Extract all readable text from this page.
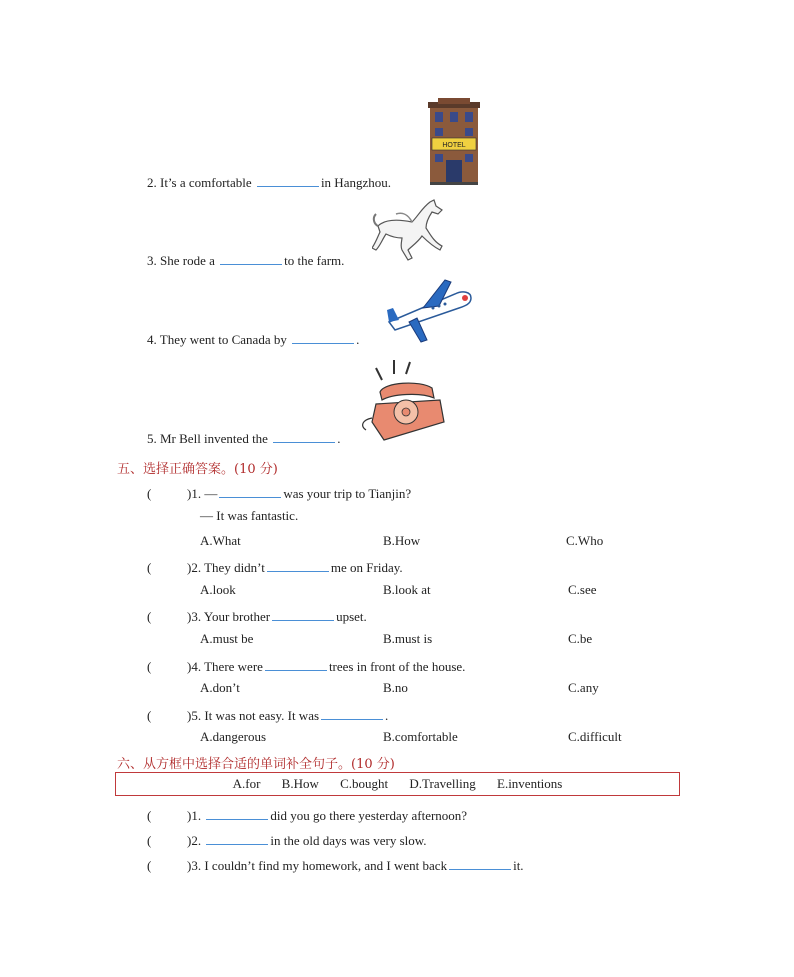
HOTEL
2. It’s a comfortable	in Hangzhou.
3. She rode a	to the farm.
4. They went to Canada by	.
5. Mr Bell invented the	.
五、选择正确答案。(10 分)
(	)1. —	was your trip to Tianjin?
— It was fantastic.
A.What	B.How	C.Who
(	)2. They didn’t	me on Friday.
A.look	B.look at	C.see
(	)3. Your brother	upset.
A.must be	B.must is	C.be
(	)4. There were	trees in front of the house.
A.don’t	B.no	C.any
(	)5. It was not easy. It was	.
A.dangerous	B.comfortable	C.difficult
六、从方框中选择合适的单词补全句子。(10 分)
A.for B.How C.bought D.Travelling E.inventions
(	)1.	did you go there yesterday afternoon?
(	)2.	in the old days was very slow.
(	)3. I couldn’t find my homework, and I went back	it.
